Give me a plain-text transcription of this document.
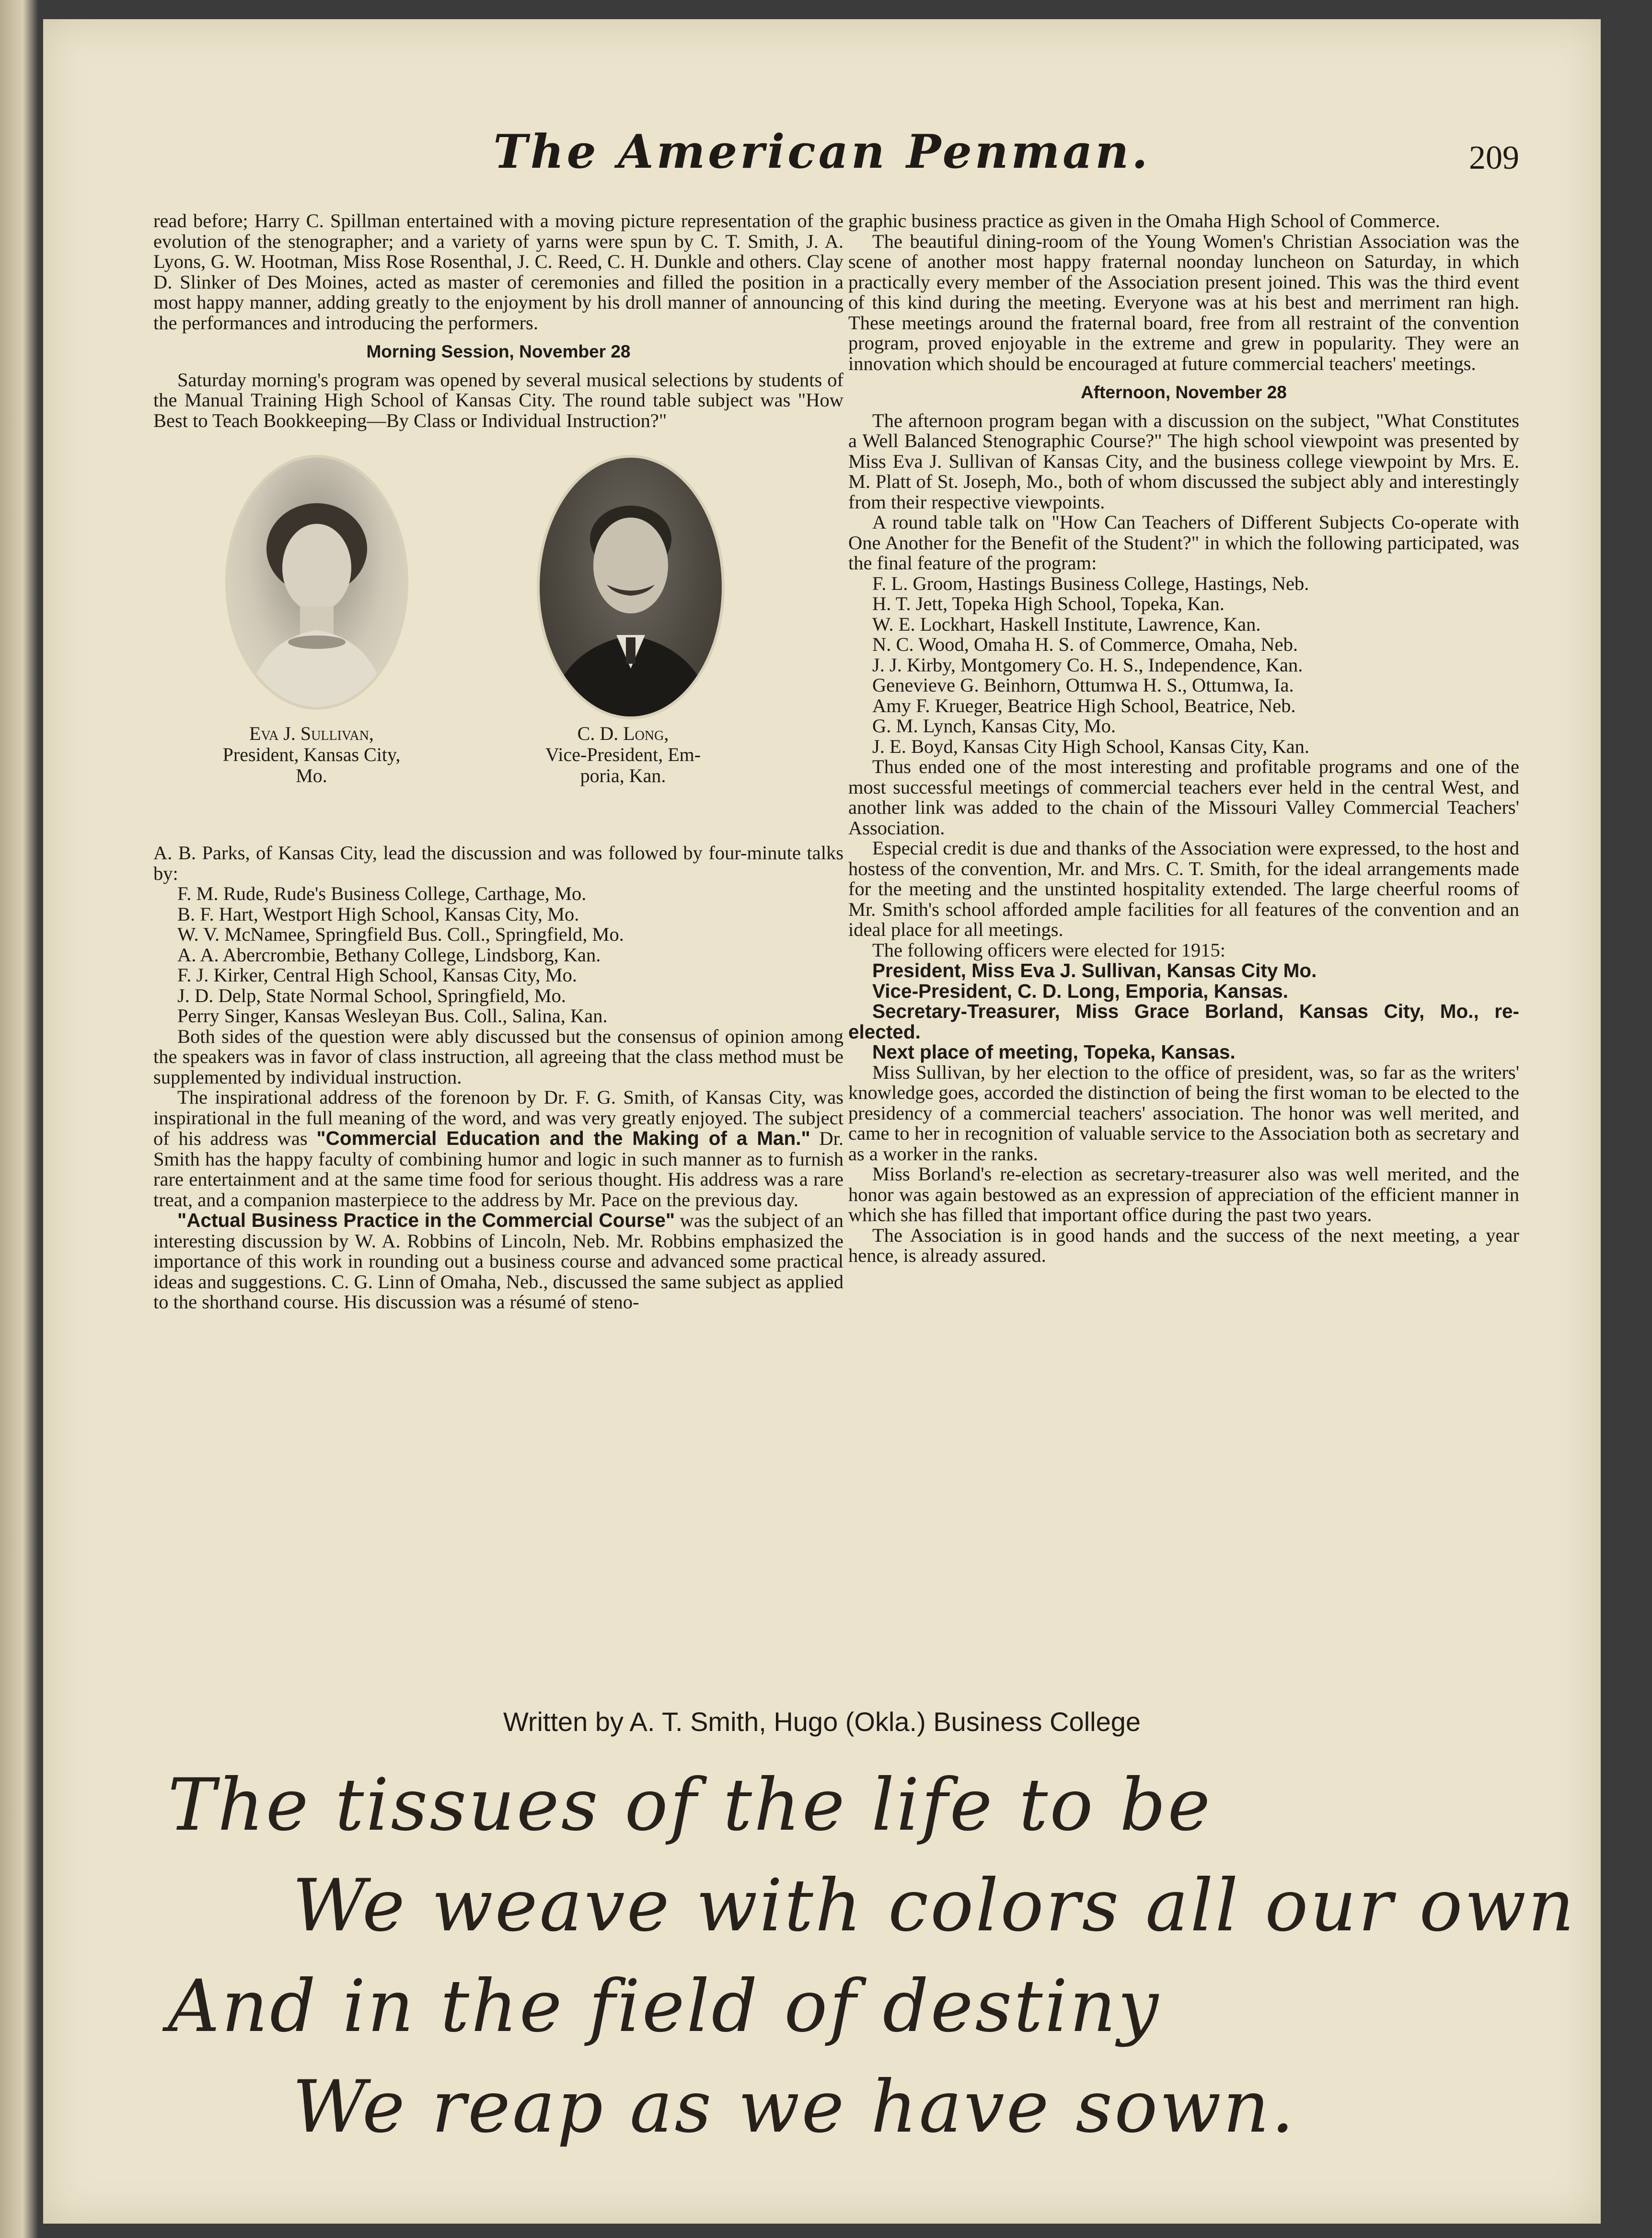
The American Penman.	209

read before; Harry C. Spillman entertained with a moving picture representation of the evolution of the stenographer; and a variety of yarns were spun by C. T. Smith, J. A. Lyons, G. W. Hootman, Miss Rose Rosenthal, J. C. Reed, C. H. Dunkle and others. Clay D. Slinker of Des Moines, acted as master of ceremonies and filled the position in a most happy manner, adding greatly to the enjoyment by his droll manner of announcing the performances and introducing the performers.

Morning Session, November 28

Saturday morning's program was opened by several musical selections by students of the Manual Training High School of Kansas City. The round table subject was "How Best to Teach Bookkeeping—By Class or Individual Instruction?"

Eva J. Sullivan,
President, Kansas City,
Mo.
C. D. Long,
Vice-President, Em-
poria, Kan.

A. B. Parks, of Kansas City, lead the discussion and was followed by four-minute talks by:

F. M. Rude, Rude's Business College, Carthage, Mo.
B. F. Hart, Westport High School, Kansas City, Mo.
W. V. McNamee, Springfield Bus. Coll., Springfield, Mo.
A. A. Abercrombie, Bethany College, Lindsborg, Kan.
F. J. Kirker, Central High School, Kansas City, Mo.
J. D. Delp, State Normal School, Springfield, Mo.
Perry Singer, Kansas Wesleyan Bus. Coll., Salina, Kan.

Both sides of the question were ably discussed but the consensus of opinion among the speakers was in favor of class instruction, all agreeing that the class method must be supplemented by individual instruction.

The inspirational address of the forenoon by Dr. F. G. Smith, of Kansas City, was inspirational in the full meaning of the word, and was very greatly enjoyed. The subject of his address was "Commercial Education and the Making of a Man." Dr. Smith has the happy faculty of combining humor and logic in such manner as to furnish rare entertainment and at the same time food for serious thought. His address was a rare treat, and a companion masterpiece to the address by Mr. Pace on the previous day.

"Actual Business Practice in the Commercial Course" was the subject of an interesting discussion by W. A. Robbins of Lincoln, Neb. Mr. Robbins emphasized the importance of this work in rounding out a business course and advanced some practical ideas and suggestions. C. G. Linn of Omaha, Neb., discussed the same subject as applied to the shorthand course. His discussion was a résumé of steno-

graphic business practice as given in the Omaha High School of Commerce.

The beautiful dining-room of the Young Women's Christian Association was the scene of another most happy fraternal noonday luncheon on Saturday, in which practically every member of the Association present joined. This was the third event of this kind during the meeting. Everyone was at his best and merriment ran high. These meetings around the fraternal board, free from all restraint of the convention program, proved enjoyable in the extreme and grew in popularity. They were an innovation which should be encouraged at future commercial teachers' meetings.

Afternoon, November 28

The afternoon program began with a discussion on the subject, "What Constitutes a Well Balanced Stenographic Course?" The high school viewpoint was presented by Miss Eva J. Sullivan of Kansas City, and the business college viewpoint by Mrs. E. M. Platt of St. Joseph, Mo., both of whom discussed the subject ably and interestingly from their respective viewpoints.

A round table talk on "How Can Teachers of Different Subjects Co-operate with One Another for the Benefit of the Student?" in which the following participated, was the final feature of the program:

F. L. Groom, Hastings Business College, Hastings, Neb.
H. T. Jett, Topeka High School, Topeka, Kan.
W. E. Lockhart, Haskell Institute, Lawrence, Kan.
N. C. Wood, Omaha H. S. of Commerce, Omaha, Neb.
J. J. Kirby, Montgomery Co. H. S., Independence, Kan.
Genevieve G. Beinhorn, Ottumwa H. S., Ottumwa, Ia.
Amy F. Krueger, Beatrice High School, Beatrice, Neb.
G. M. Lynch, Kansas City, Mo.
J. E. Boyd, Kansas City High School, Kansas City, Kan.

Thus ended one of the most interesting and profitable programs and one of the most successful meetings of commercial teachers ever held in the central West, and another link was added to the chain of the Missouri Valley Commercial Teachers' Association.

Especial credit is due and thanks of the Association were expressed, to the host and hostess of the convention, Mr. and Mrs. C. T. Smith, for the ideal arrangements made for the meeting and the unstinted hospitality extended. The large cheerful rooms of Mr. Smith's school afforded ample facilities for all features of the convention and an ideal place for all meetings.

The following officers were elected for 1915:

President, Miss Eva J. Sullivan, Kansas City Mo.

Vice-President, C. D. Long, Emporia, Kansas.

Secretary-Treasurer, Miss Grace Borland, Kansas City, Mo., re-elected.

Next place of meeting, Topeka, Kansas.

Miss Sullivan, by her election to the office of president, was, so far as the writers' knowledge goes, accorded the distinction of being the first woman to be elected to the presidency of a commercial teachers' association. The honor was well merited, and came to her in recognition of valuable service to the Association both as secretary and as a worker in the ranks.

Miss Borland's re-election as secretary-treasurer also was well merited, and the honor was again bestowed as an expression of appreciation of the efficient manner in which she has filled that important office during the past two years.

The Association is in good hands and the success of the next meeting, a year hence, is already assured.

Written by A. T. Smith, Hugo (Okla.) Business College
The tissues of the life to be
We weave with colors all our own
And in the field of destiny
We reap as we have sown.
